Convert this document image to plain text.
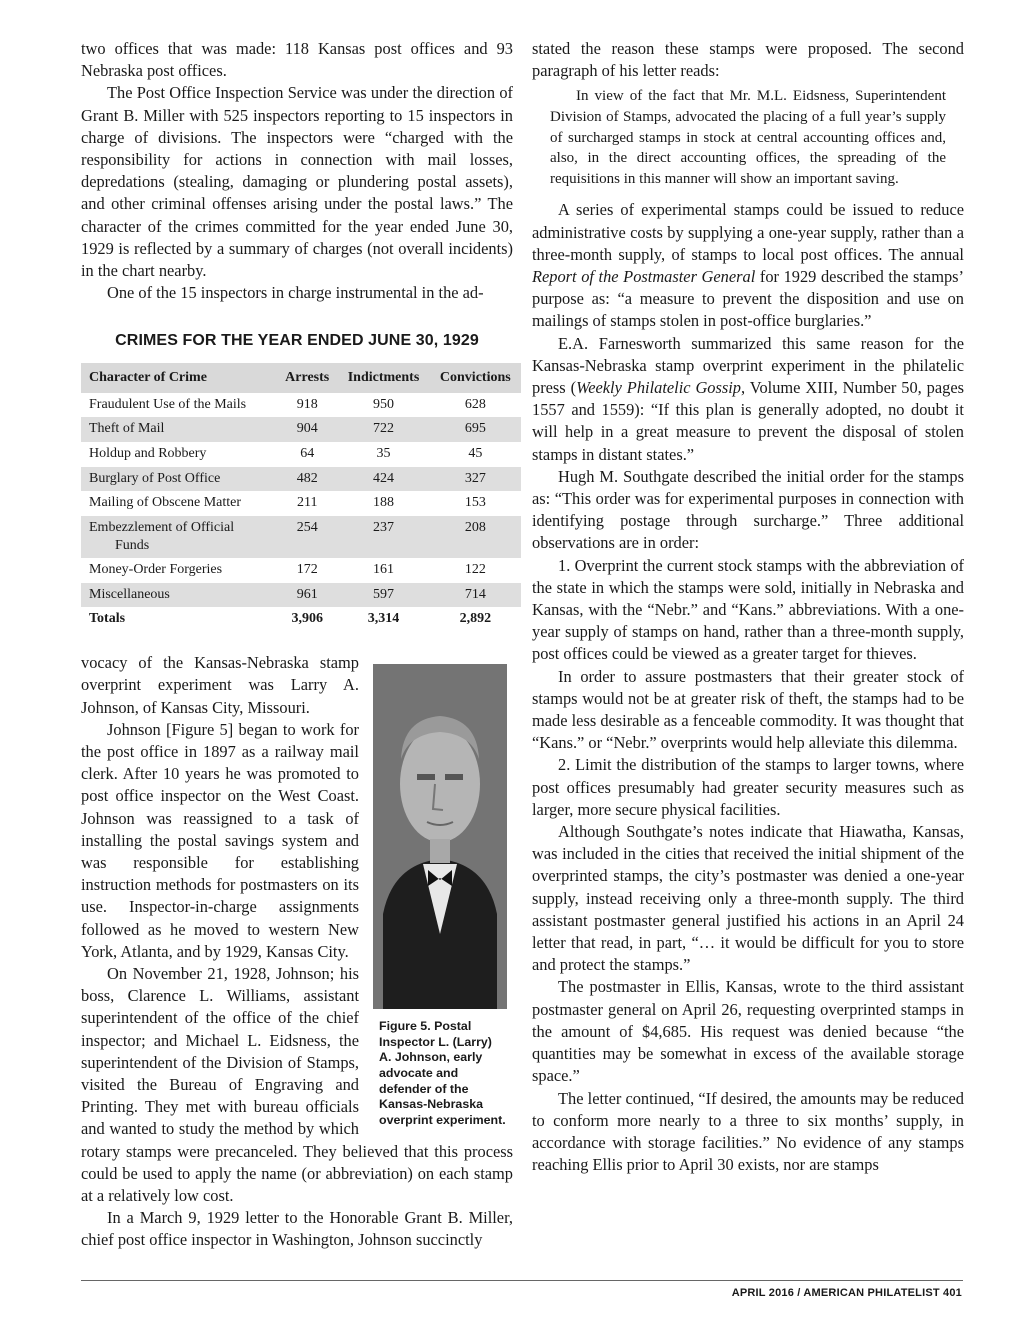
two offices that was made: 118 Kansas post offices and 93 Nebraska post offices.

The Post Office Inspection Service was under the direction of Grant B. Miller with 525 inspectors reporting to 15 inspectors in charge of divisions. The inspectors were “charged with the responsibility for actions in connection with mail losses, depredations (stealing, damaging or plundering postal assets), and other criminal offenses arising under the postal laws.” The character of the crimes committed for the year ended June 30, 1929 is reflected by a summary of charges (not overall incidents) in the chart nearby.

One of the 15 inspectors in charge instrumental in the ad-

CRIMES FOR THE YEAR ENDED JUNE 30, 1929
Character of Crime	Arrests	Indictments	Convictions
Fraudulent Use of the Mails	918	950	628
Theft of Mail	904	722	695
Holdup and Robbery	64	35	45
Burglary of Post Office	482	424	327
Mailing of Obscene Matter	211	188	153
Embezzlement of Official
Funds	254	237	208
Money-Order Forgeries	172	161	122
Miscellaneous	961	597	714
Totals	3,906	3,314	2,892
Figure 5. Postal Inspector L. (Larry) A. Johnson, early advocate and defender of the Kansas-Nebraska overprint experiment.

vocacy of the Kansas-Nebraska stamp overprint experiment was Larry A. Johnson, of Kansas City, Missouri.

Johnson [Figure 5] began to work for the post office in 1897 as a railway mail clerk. After 10 years he was promoted to post office inspector on the West Coast. Johnson was reassigned to a task of installing the postal savings system and was responsible for establishing instruction methods for postmasters on its use. Inspector-in-charge assignments followed as he moved to western New York, Atlanta, and by 1929, Kansas City.

On November 21, 1928, Johnson; his boss, Clarence L. Williams, assistant superintendent of the office of the chief inspector; and Michael L. Eidsness, the superintendent of the Division of Stamps, visited the Bureau of Engraving and Printing. They met with bureau officials and wanted to study the method by which rotary stamps were precanceled. They believed that this process could be used to apply the name (or abbreviation) on each stamp at a relatively low cost.

In a March 9, 1929 letter to the Honorable Grant B. Miller, chief post office inspector in Washington, Johnson succinctly

stated the reason these stamps were proposed. The second paragraph of his letter reads:

In view of the fact that Mr. M.L. Eidsness, Superintendent Division of Stamps, advocated the placing of a full year’s supply of surcharged stamps in stock at central accounting offices and, also, in the direct accounting offices, the spreading of the requisitions in this manner will show an important saving.

A series of experimental stamps could be issued to reduce administrative costs by supplying a one-year supply, rather than a three-month supply, of stamps to local post offices. The annual Report of the Postmaster General for 1929 described the stamps’ purpose as: “a measure to prevent the disposition and use on mailings of stamps stolen in post-office burglaries.”

E.A. Farnesworth summarized this same reason for the Kansas-Nebraska stamp overprint experiment in the philatelic press (Weekly Philatelic Gossip, Volume XIII, Number 50, pages 1557 and 1559): “If this plan is generally adopted, no doubt it will help in a great measure to prevent the disposal of stolen stamps in distant states.”

Hugh M. Southgate described the initial order for the stamps as: “This order was for experimental purposes in connection with identifying postage through surcharge.” Three additional observations are in order:

1. Overprint the current stock stamps with the abbreviation of the state in which the stamps were sold, initially in Nebraska and Kansas, with the “Nebr.” and “Kans.” abbreviations. With a one-year supply of stamps on hand, rather than a three-month supply, post offices could be viewed as a greater target for thieves.

In order to assure postmasters that their greater stock of stamps would not be at greater risk of theft, the stamps had to be made less desirable as a fenceable commodity. It was thought that “Kans.” or “Nebr.” overprints would help alleviate this dilemma.

2. Limit the distribution of the stamps to larger towns, where post offices presumably had greater security measures such as larger, more secure physical facilities.

Although Southgate’s notes indicate that Hiawatha, Kansas, was included in the cities that received the initial shipment of the overprinted stamps, the city’s postmaster was denied a one-year supply, instead receiving only a three-month supply. The third assistant postmaster general justified his actions in an April 24 letter that read, in part, “… it would be difficult for you to store and protect the stamps.”

The postmaster in Ellis, Kansas, wrote to the third assistant postmaster general on April 26, requesting overprinted stamps in the amount of $4,685. His request was denied because “the quantities may be somewhat in excess of the available storage space.”

The letter continued, “If desired, the amounts may be reduced to conform more nearly to a three to six months’ supply, in accordance with storage facilities.” No evidence of any stamps reaching Ellis prior to April 30 exists, nor are stamps

APRIL 2016 / AMERICAN PHILATELIST 401
